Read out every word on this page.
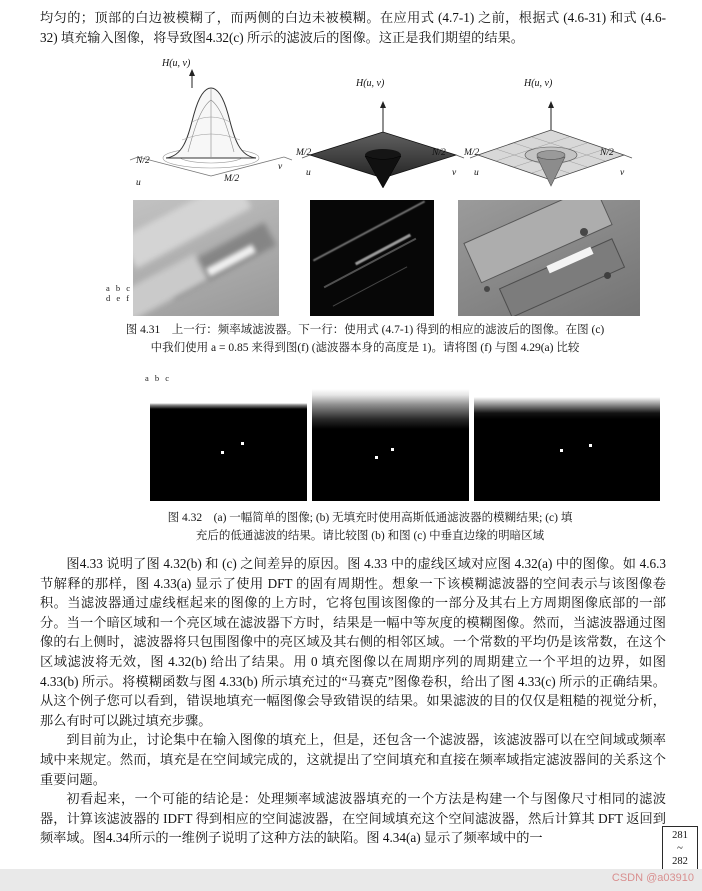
均匀的；顶部的白边被模糊了，而两侧的白边未被模糊。在应用式 (4.7-1) 之前，根据式 (4.6-31) 和式 (4.6-32) 填充输入图像，将导致图4.32(c) 所示的滤波后的图像。这正是我们期望的结果。

H(u, v)
N/2
M/2
u
v
H(u, v)
M/2	N/2
u	v
H(u, v)
M/2	N/2
u	v
a b c
d e f
图 4.31　上一行：频率域滤波器。下一行：使用式 (4.7-1) 得到的相应的滤波后的图像。在图 (c)
中我们使用 a = 0.85 来得到图(f) (滤波器本身的高度是 1)。请将图 (f) 与图 4.29(a) 比较
a b c
图 4.32　(a) 一幅简单的图像; (b) 无填充时使用高斯低通滤波器的模糊结果; (c) 填
充后的低通滤波的结果。请比较图 (b) 和图 (c) 中垂直边缘的明暗区域

图4.33 说明了图 4.32(b) 和 (c) 之间差异的原因。图 4.33 中的虚线区域对应图 4.32(a) 中的图像。如 4.6.3 节解释的那样，图 4.33(a) 显示了使用 DFT 的固有周期性。想象一下该模糊滤波器的空间表示与该图像卷积。当滤波器通过虚线框起来的图像的上方时，它将包围该图像的一部分及其右上方周期图像底部的一部分。当一个暗区域和一个亮区域在滤波器下方时，结果是一幅中等灰度的模糊图像。然而，当滤波器通过图像的右上侧时，滤波器将只包围图像中的亮区域及其右侧的相邻区域。一个常数的平均仍是该常数，在这个区域滤波将无效，图 4.32(b) 给出了结果。用 0 填充图像以在周期序列的周期建立一个平坦的边界，如图 4.33(b) 所示。将模糊函数与图 4.33(b) 所示填充过的“马赛克”图像卷积，给出了图 4.33(c) 所示的正确结果。从这个例子您可以看到，错误地填充一幅图像会导致错误的结果。如果滤波的目的仅仅是粗糙的视觉分析，那么有时可以跳过填充步骤。

到目前为止，讨论集中在输入图像的填充上，但是，还包含一个滤波器，该滤波器可以在空间域或频率域中来规定。然而，填充是在空间域完成的，这就提出了空间填充和直接在频率域指定滤波器间的关系这个重要问题。

初看起来，一个可能的结论是：处理频率域滤波器填充的一个方法是构建一个与图像尺寸相同的滤波器，计算该滤波器的 IDFT 得到相应的空间滤波器，在空间域填充这个空间滤波器，然后计算其 DFT 返回到频率域。图4.34所示的一维例子说明了这种方法的缺陷。图 4.34(a) 显示了频率域中的一	281
~
282
CSDN @a03910
